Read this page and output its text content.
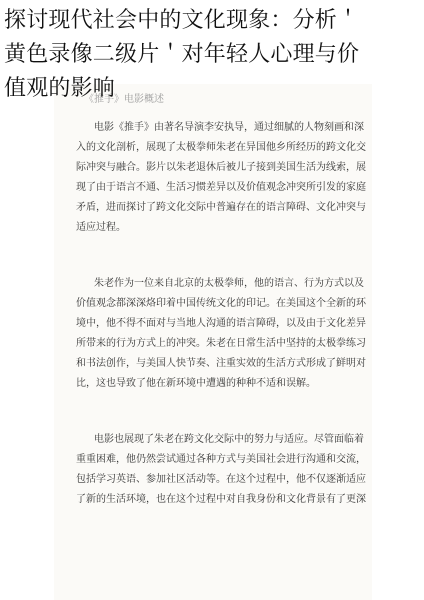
探讨现代社会中的文化现象：分析＇
黄色录像二级片＇对年轻人心理与价
值观的影响
《推手》电影概述
电影《推手》由著名导演李安执导，通过细腻的人物刻画和深
入的文化剖析，展现了太极拳师朱老在异国他乡所经历的跨文化交
际冲突与融合。影片以朱老退休后被儿子接到美国生活为线索，展
现了由于语言不通、生活习惯差异以及价值观念冲突所引发的家庭
矛盾，进而探讨了跨文化交际中普遍存在的语言障碍、文化冲突与
适应过程。
朱老作为一位来自北京的太极拳师，他的语言、行为方式以及
价值观念都深深烙印着中国传统文化的印记。在美国这个全新的环
境中，他不得不面对与当地人沟通的语言障碍，以及由于文化差异
所带来的行为方式上的冲突。朱老在日常生活中坚持的太极拳练习
和书法创作，与美国人快节奏、注重实效的生活方式形成了鲜明对
比，这也导致了他在新环境中遭遇的种种不适和误解。
电影也展现了朱老在跨文化交际中的努力与适应。尽管面临着
重重困难，他仍然尝试通过各种方式与美国社会进行沟通和交流，
包括学习英语、参加社区活动等。在这个过程中，他不仅逐渐适应
了新的生活环境，也在这个过程中对自我身份和文化背景有了更深
